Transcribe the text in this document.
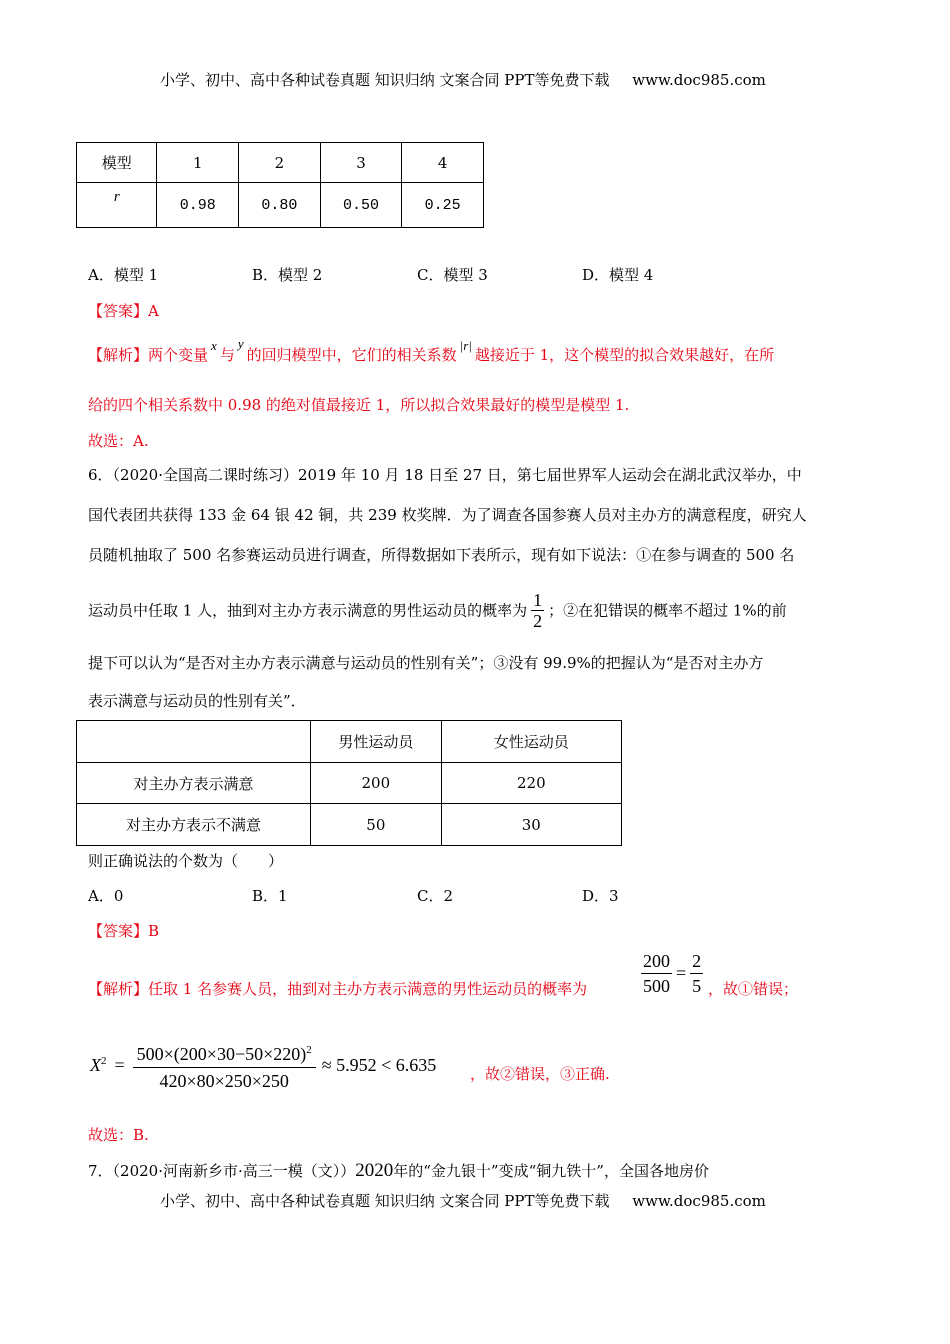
小学、初中、高中各种试卷真题 知识归纳 文案合同 PPT等免费下载 www.doc985.com
模型	1	2	3	4
r	0.98	0.80	0.50	0.25
A．模型 1	B．模型 2	C．模型 3	D．模型 4
【答案】A
【解析】两个变量x与y的回归模型中，它们的相关系数|r|越接近于 1，这个模型的拟合效果越好，在所
给的四个相关系数中 0.98 的绝对值最接近 1，所以拟合效果最好的模型是模型 1.
故选：A.
6．（2020·全国高二课时练习）2019 年 10 月 18 日至 27 日，第七届世界军人运动会在湖北武汉举办，中
国代表团共获得 133 金 64 银 42 铜，共 239 枚奖牌．为了调查各国参赛人员对主办方的满意程度，研究人
员随机抽取了 500 名参赛运动员进行调查，所得数据如下表所示，现有如下说法：①在参与调查的 500 名
运动员中任取 1 人，抽到对主办方表示满意的男性运动员的概率为 $\frac{1}{2}$ ；②在犯错误的概率不超过 1%的前
提下可以认为“是否对主办方表示满意与运动员的性别有关”；③没有 99.9%的把握认为“是否对主办方
表示满意与运动员的性别有关”．
	男性运动员	女性运动员
对主办方表示满意	200	220
对主办方表示不满意	50	30
则正确说法的个数为（　　）
A．0	B．1	C．2	D．3
【答案】B
【解析】任取 1 名参赛人员，抽到对主办方表示满意的男性运动员的概率为	$\frac{200}{500} = \frac{2}{5}$ ，故①错误；
$X^2 = \frac{500\times(200\times 30-50\times 220)^2}{420\times 80\times 250\times 250} \approx 5.952 < 6.635$ ，故②错误，③正确.
故选：B.
7．（2020·河南新乡市·高三一模（文））2020年的“金九银十”变成“铜九铁十”，全国各地房价
小学、初中、高中各种试卷真题 知识归纳 文案合同 PPT等免费下载 www.doc985.com
